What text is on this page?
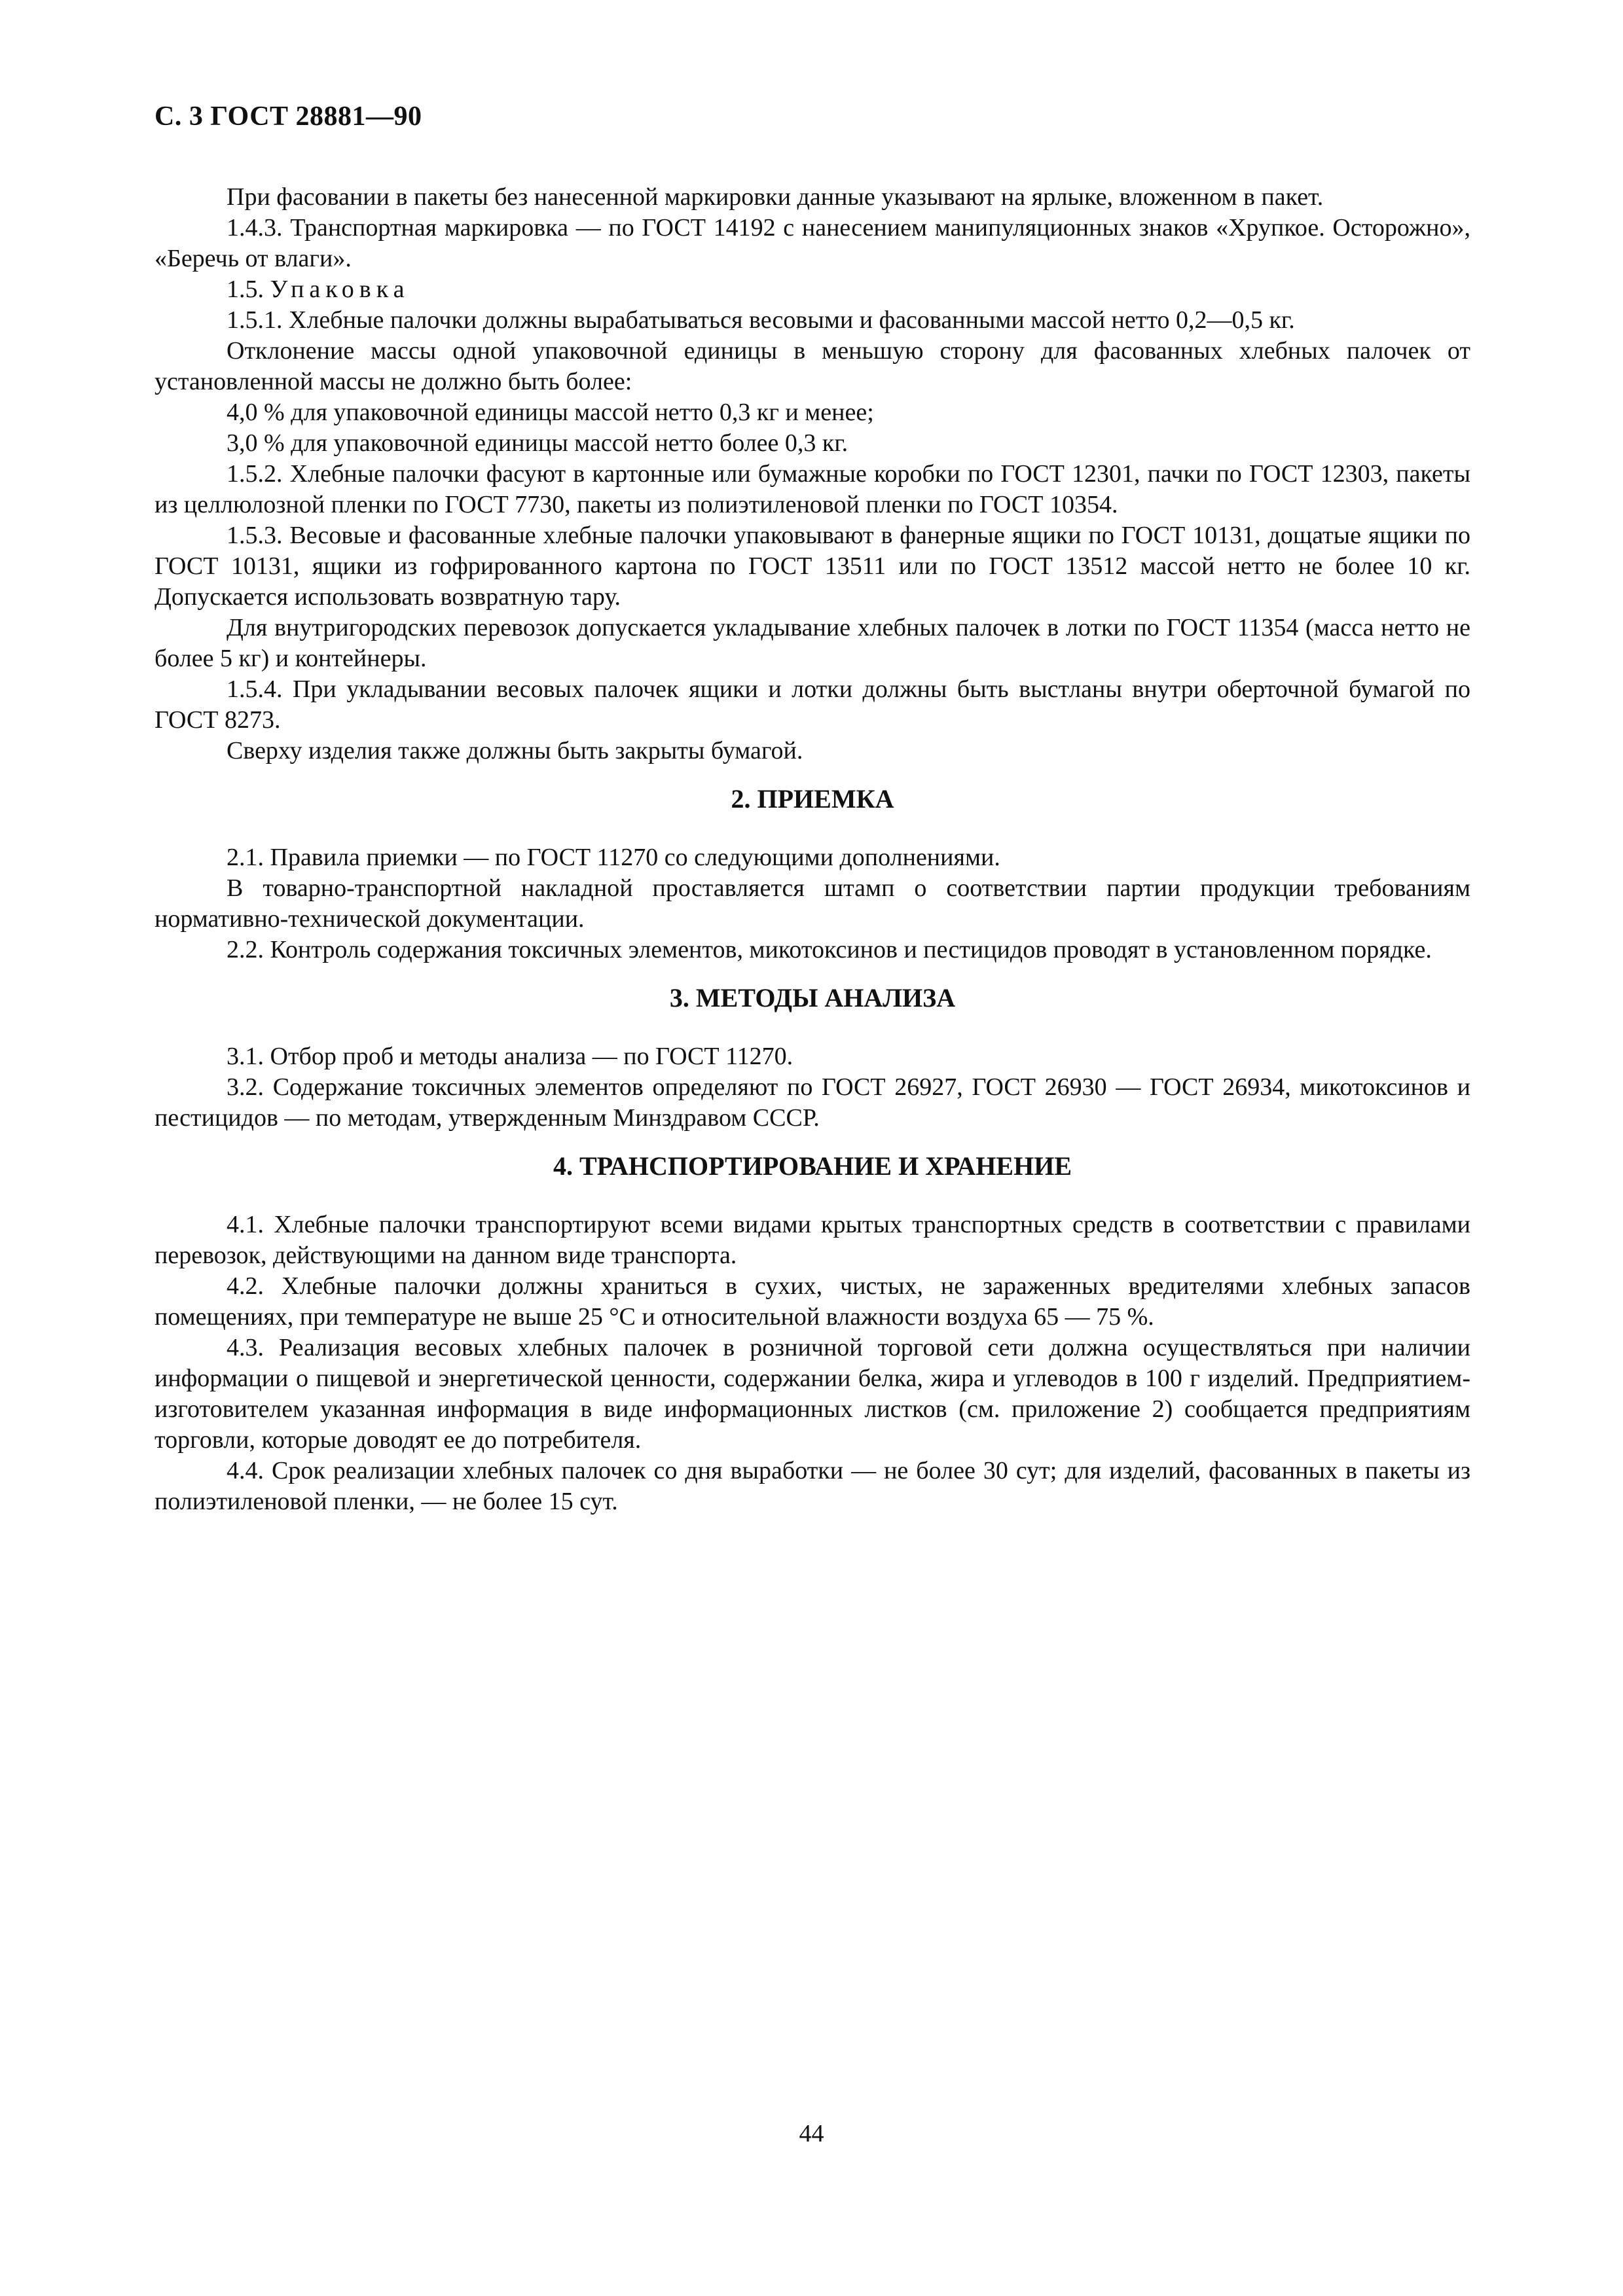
С. 3 ГОСТ 28881—90

При фасовании в пакеты без нанесенной маркировки данные указывают на ярлыке, вложенном в пакет.

1.4.3. Транспортная маркировка — по ГОСТ 14192 с нанесением манипуляционных знаков «Хрупкое. Осторожно», «Беречь от влаги».

1.5. Упаковка

1.5.1. Хлебные палочки должны вырабатываться весовыми и фасованными массой нетто 0,2—0,5 кг.

Отклонение массы одной упаковочной единицы в меньшую сторону для фасованных хлебных палочек от установленной массы не должно быть более:

4,0 % для упаковочной единицы массой нетто 0,3 кг и менее;

3,0 % для упаковочной единицы массой нетто более 0,3 кг.

1.5.2. Хлебные палочки фасуют в картонные или бумажные коробки по ГОСТ 12301, пачки по ГОСТ 12303, пакеты из целлюлозной пленки по ГОСТ 7730, пакеты из полиэтиленовой пленки по ГОСТ 10354.

1.5.3. Весовые и фасованные хлебные палочки упаковывают в фанерные ящики по ГОСТ 10131, дощатые ящики по ГОСТ 10131, ящики из гофрированного картона по ГОСТ 13511 или по ГОСТ 13512 массой нетто не более 10 кг. Допускается использовать возвратную тару.

Для внутригородских перевозок допускается укладывание хлебных палочек в лотки по ГОСТ 11354 (масса нетто не более 5 кг) и контейнеры.

1.5.4. При укладывании весовых палочек ящики и лотки должны быть выстланы внутри оберточной бумагой по ГОСТ 8273.

Сверху изделия также должны быть закрыты бумагой.

2. ПРИЕМКА

2.1. Правила приемки — по ГОСТ 11270 со следующими дополнениями.

В товарно-транспортной накладной проставляется штамп о соответствии партии продукции требованиям нормативно-технической документации.

2.2. Контроль содержания токсичных элементов, микотоксинов и пестицидов проводят в установленном порядке.

3. МЕТОДЫ АНАЛИЗА

3.1. Отбор проб и методы анализа — по ГОСТ 11270.

3.2. Содержание токсичных элементов определяют по ГОСТ 26927, ГОСТ 26930 — ГОСТ 26934, микотоксинов и пестицидов — по методам, утвержденным Минздравом СССР.

4. ТРАНСПОРТИРОВАНИЕ И ХРАНЕНИЕ

4.1. Хлебные палочки транспортируют всеми видами крытых транспортных средств в соответствии с правилами перевозок, действующими на данном виде транспорта.

4.2. Хлебные палочки должны храниться в сухих, чистых, не зараженных вредителями хлебных запасов помещениях, при температуре не выше 25 °С и относительной влажности воздуха 65 — 75 %.

4.3. Реализация весовых хлебных палочек в розничной торговой сети должна осуществляться при наличии информации о пищевой и энергетической ценности, содержании белка, жира и углеводов в 100 г изделий. Предприятием-изготовителем указанная информация в виде информационных листков (см. приложение 2) сообщается предприятиям торговли, которые доводят ее до потребителя.

4.4. Срок реализации хлебных палочек со дня выработки — не более 30 сут; для изделий, фасованных в пакеты из полиэтиленовой пленки, — не более 15 сут.

44
